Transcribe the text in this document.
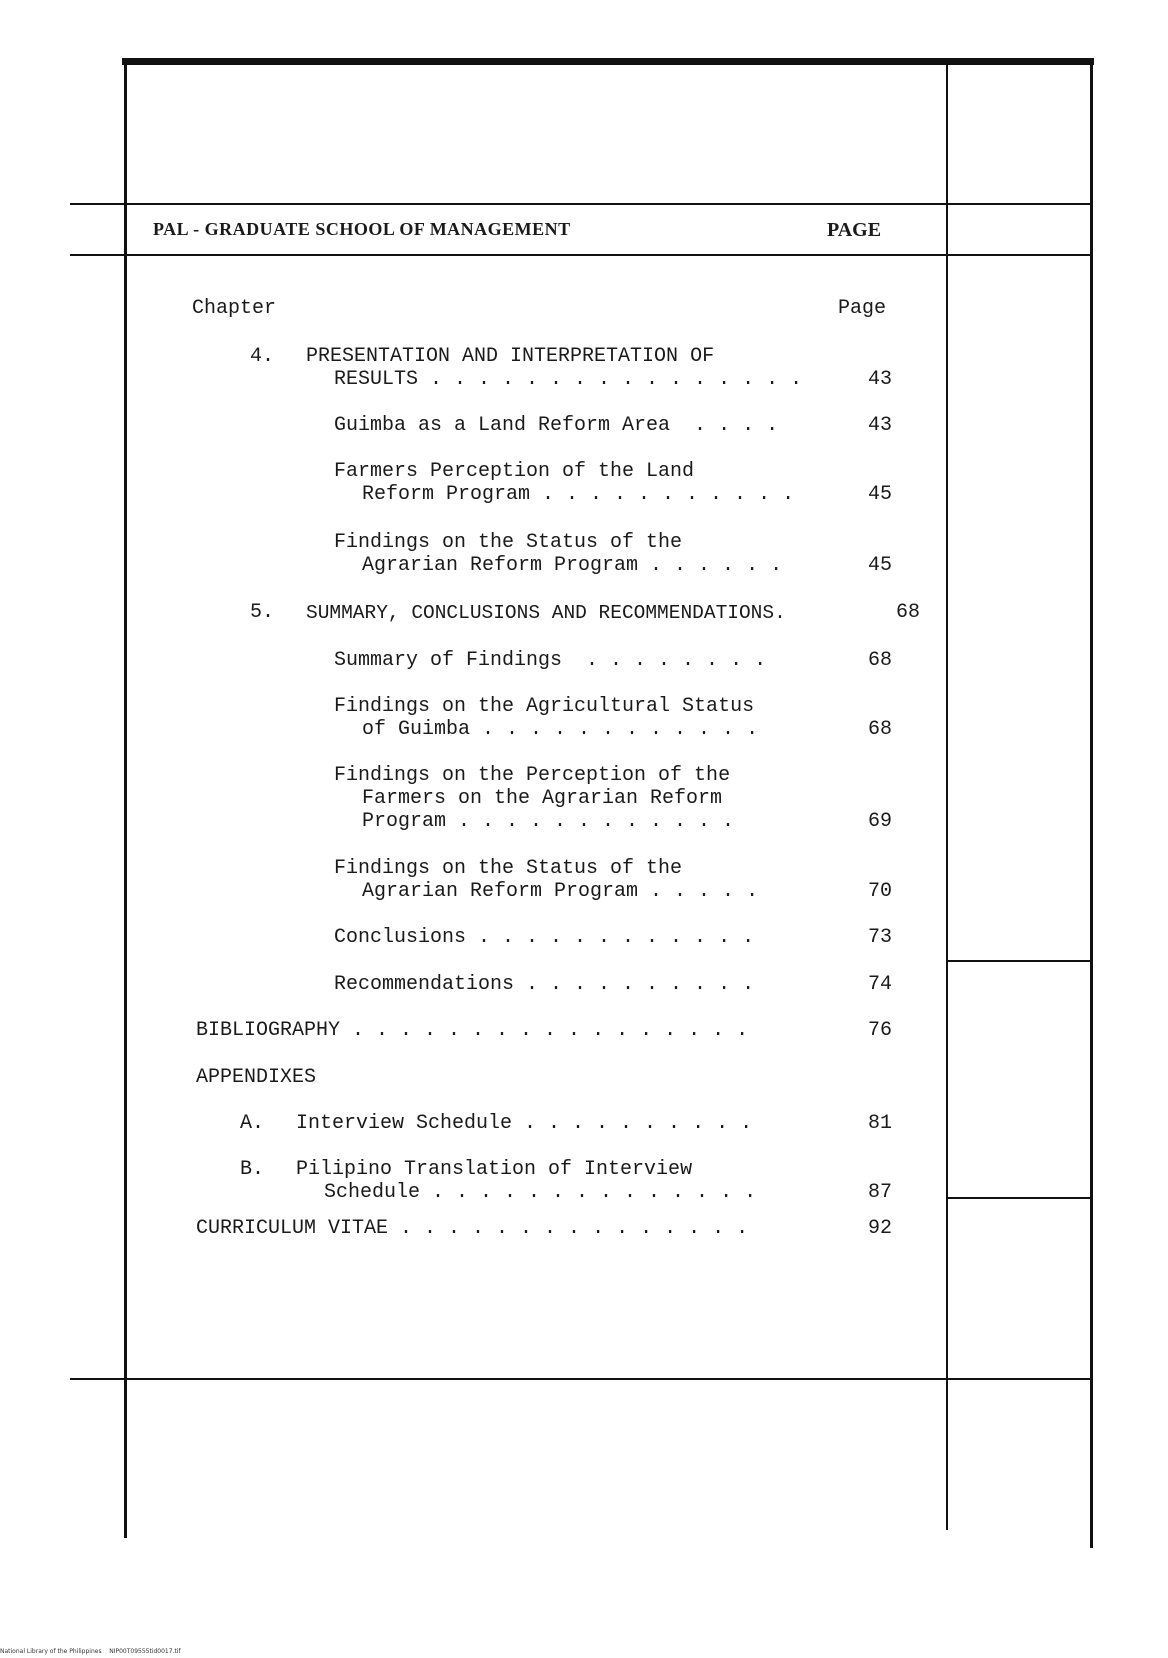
PAL - GRADUATE SCHOOL OF MANAGEMENT	PAGE
Chapter	Page
4. PRESENTATION AND INTERPRETATION OF
RESULTS . . . . . . . . . . . . . . . .	43
Guimba as a Land Reform Area  . . . .	43
Farmers Perception of the Land
Reform Program . . . . . . . . . . .	45
Findings on the Status of the
Agrarian Reform Program . . . . . .	45
5. SUMMARY, CONCLUSIONS AND RECOMMENDATIONS.	68
Summary of Findings  . . . . . . . .	68
Findings on the Agricultural Status
of Guimba . . . . . . . . . . . .	68
Findings on the Perception of the
Farmers on the Agrarian Reform
Program . . . . . . . . . . . .	69
Findings on the Status of the
Agrarian Reform Program . . . . .	70
Conclusions . . . . . . . . . . . .	73
Recommendations . . . . . . . . . .	74
BIBLIOGRAPHY . . . . . . . . . . . . . . . . .	76
APPENDIXES
A. Interview Schedule . . . . . . . . . .	81
B. Pilipino Translation of Interview
Schedule . . . . . . . . . . . . . .	87
CURRICULUM VITAE . . . . . . . . . . . . . . .	92
National Library of the Philippines    NIP00T09555tid0017.tif
